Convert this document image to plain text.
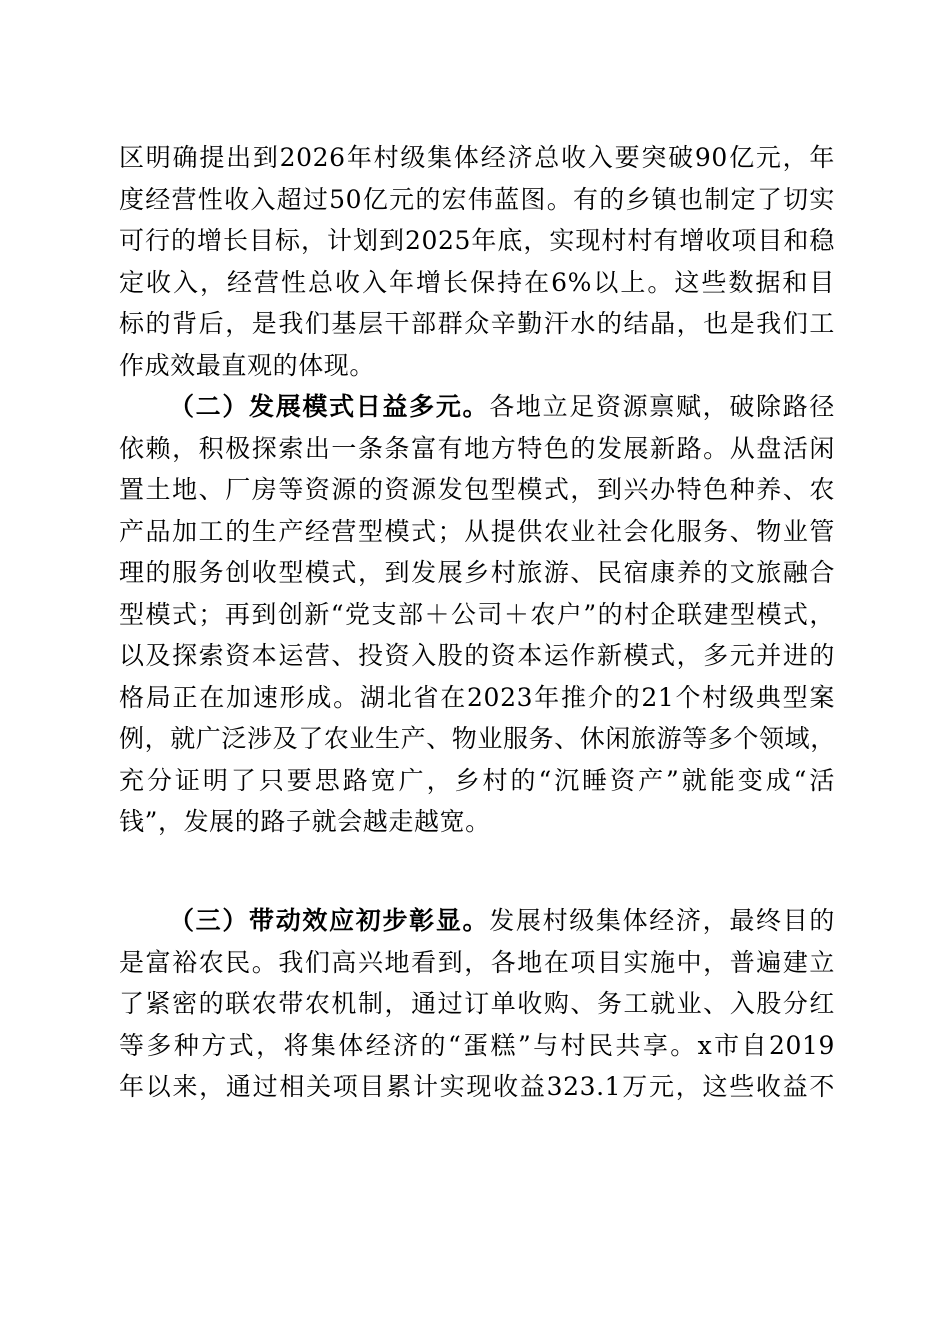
区明确提出到2026年村级集体经济总收入要突破90亿元，年
度经营性收入超过50亿元的宏伟蓝图。有的乡镇也制定了切实
可行的增长目标，计划到2025年底，实现村村有增收项目和稳
定收入，经营性总收入年增长保持在6%以上。这些数据和目
标的背后，是我们基层干部群众辛勤汗水的结晶，也是我们工
作成效最直观的体现。
（二）发展模式日益多元。各地立足资源禀赋，破除路径
依赖，积极探索出一条条富有地方特色的发展新路。从盘活闲
置土地、厂房等资源的资源发包型模式，到兴办特色种养、农
产品加工的生产经营型模式；从提供农业社会化服务、物业管
理的服务创收型模式，到发展乡村旅游、民宿康养的文旅融合
型模式；再到创新“党支部＋公司＋农户”的村企联建型模式，
以及探索资本运营、投资入股的资本运作新模式，多元并进的
格局正在加速形成。湖北省在2023年推介的21个村级典型案
例，就广泛涉及了农业生产、物业服务、休闲旅游等多个领域，
充分证明了只要思路宽广，乡村的“沉睡资产”就能变成“活
钱”，发展的路子就会越走越宽。
（三）带动效应初步彰显。发展村级集体经济，最终目的
是富裕农民。我们高兴地看到，各地在项目实施中，普遍建立
了紧密的联农带农机制，通过订单收购、务工就业、入股分红
等多种方式，将集体经济的“蛋糕”与村民共享。x市自2019
年以来，通过相关项目累计实现收益323.1万元，这些收益不
